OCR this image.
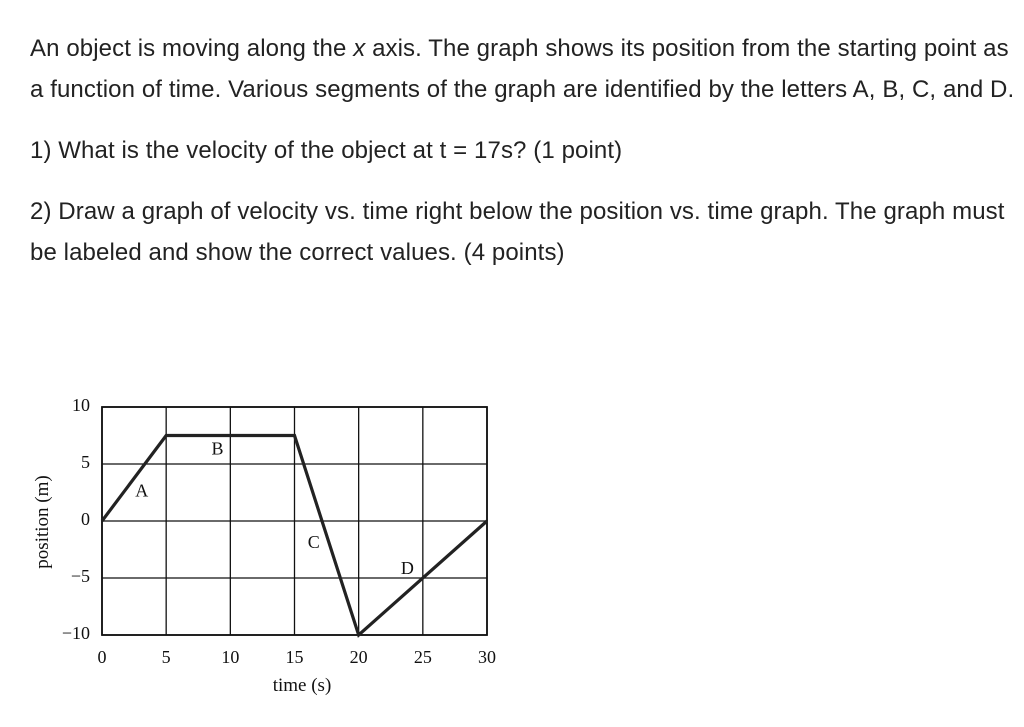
An object is moving along the x axis. The graph shows its position from the starting point as a function of time. Various segments of the graph are identified by the letters A, B, C, and D.

1) What is the velocity of the object at t = 17s? (1 point)

2) Draw a graph of velocity vs. time right below the position vs. time graph. The graph must be labeled and show the correct values. (4 points)

A
B
C
D
0	5	10	15	20	25	30
10
5
0
−5
−10
time (s)
position (m)
